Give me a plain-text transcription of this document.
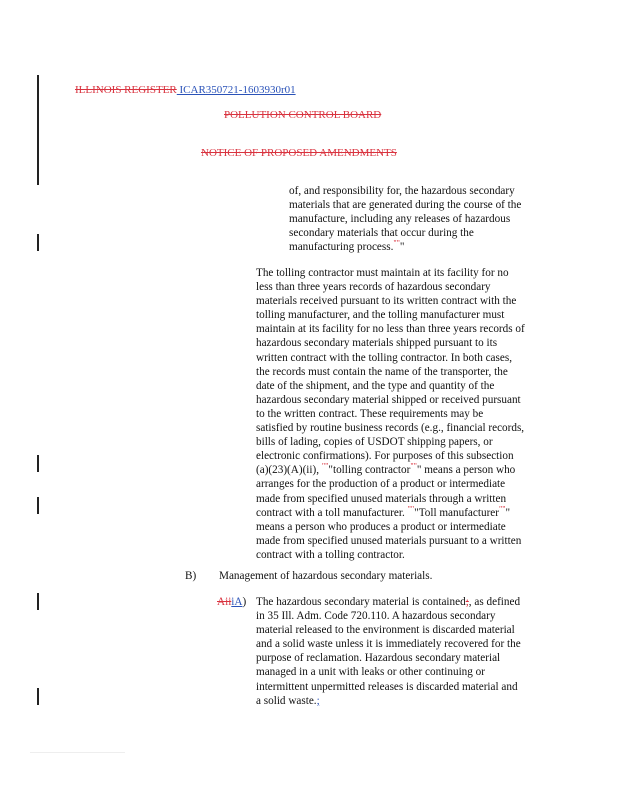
ILLINOIS REGISTER ICAR350721-1603930r01
POLLUTION CONTROL BOARD
NOTICE OF PROPOSED AMENDMENTS
of, and responsibility for, the hazardous secondary
materials that are generated during the course of the
manufacture, including any releases of hazardous
secondary materials that occur during the
manufacturing process."""
The tolling contractor must maintain at its facility for no
less than three years records of hazardous secondary
materials received pursuant to its written contract with the
tolling manufacturer, and the tolling manufacturer must
maintain at its facility for no less than three years records of
hazardous secondary materials shipped pursuant to its
written contract with the tolling contractor. In both cases,
the records must contain the name of the transporter, the
date of the shipment, and the type and quantity of the
hazardous secondary material shipped or received pursuant
to the written contract. These requirements may be
satisfied by routine business records (e.g., financial records,
bills of lading, copies of USDOT shipping papers, or
electronic confirmations). For purposes of this subsection
(a)(23)(A)(ii), """tolling contractor""" means a person who
arranges for the production of a product or intermediate
made from specified unused materials through a written
contract with a toll manufacturer. """Toll manufacturer"""
means a person who produces a product or intermediate
made from specified unused materials pursuant to a written
contract with a tolling contractor.
B) Management of hazardous secondary materials.
AiiiA) The hazardous secondary material is contained;, as defined
in 35 Ill. Adm. Code 720.110. A hazardous secondary
material released to the environment is discarded material
and a solid waste unless it is immediately recovered for the
purpose of reclamation. Hazardous secondary material
managed in a unit with leaks or other continuing or
intermittent unpermitted releases is discarded material and
a solid waste.;
